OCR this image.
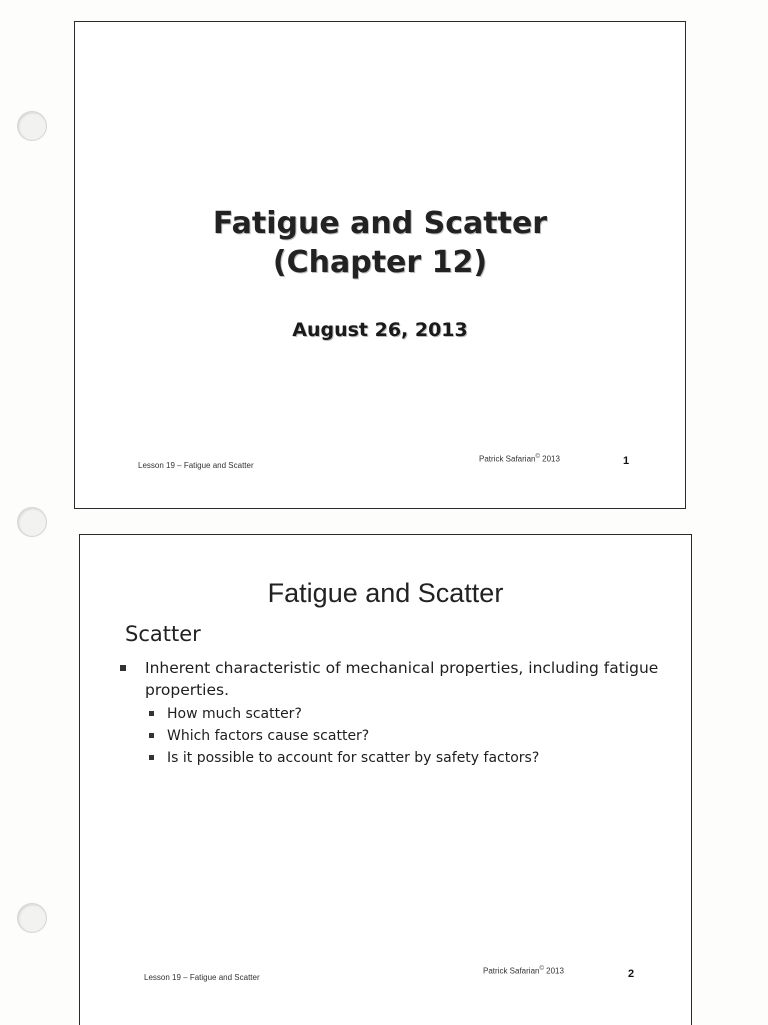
Fatigue and Scatter
(Chapter 12)
August 26, 2013
Lesson 19 – Fatigue and Scatter
Patrick Safarian© 2013	1
Fatigue and Scatter
Scatter
Inherent characteristic of mechanical properties, including fatigue properties.
How much scatter?
Which factors cause scatter?
Is it possible to account for scatter by safety factors?
Lesson 19 – Fatigue and Scatter
Patrick Safarian© 2013	2
